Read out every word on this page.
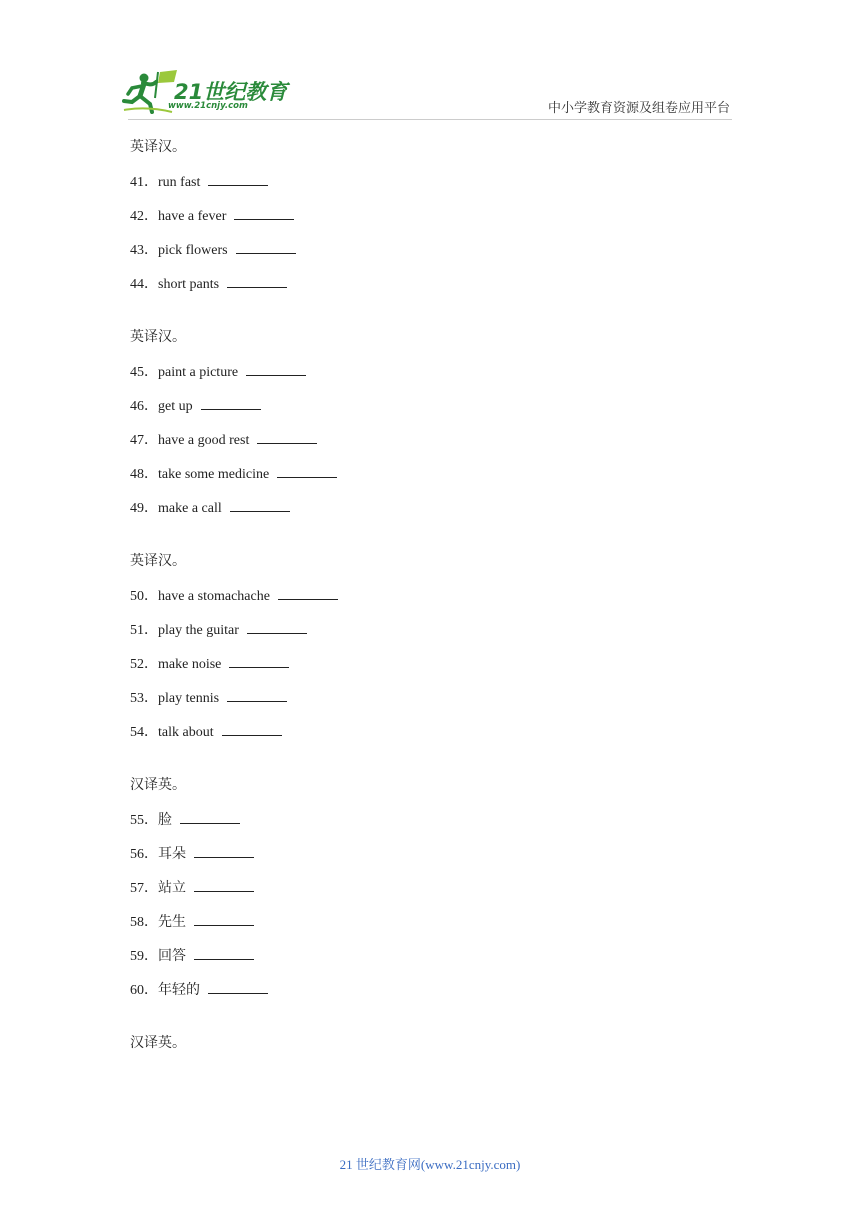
21世纪教育
www.21cnjy.com	中小学教育资源及组卷应用平台
英译汉。
41．run fast
42．have a fever
43．pick flowers
44．short pants
英译汉。
45．paint a picture
46．get up
47．have a good rest
48．take some medicine
49．make a call
英译汉。
50．have a stomachache
51．play the guitar
52．make noise
53．play tennis
54．talk about
汉译英。
55．脸
56．耳朵
57．站立
58．先生
59．回答
60．年轻的
汉译英。
21 世纪教育网(www.21cnjy.com)
